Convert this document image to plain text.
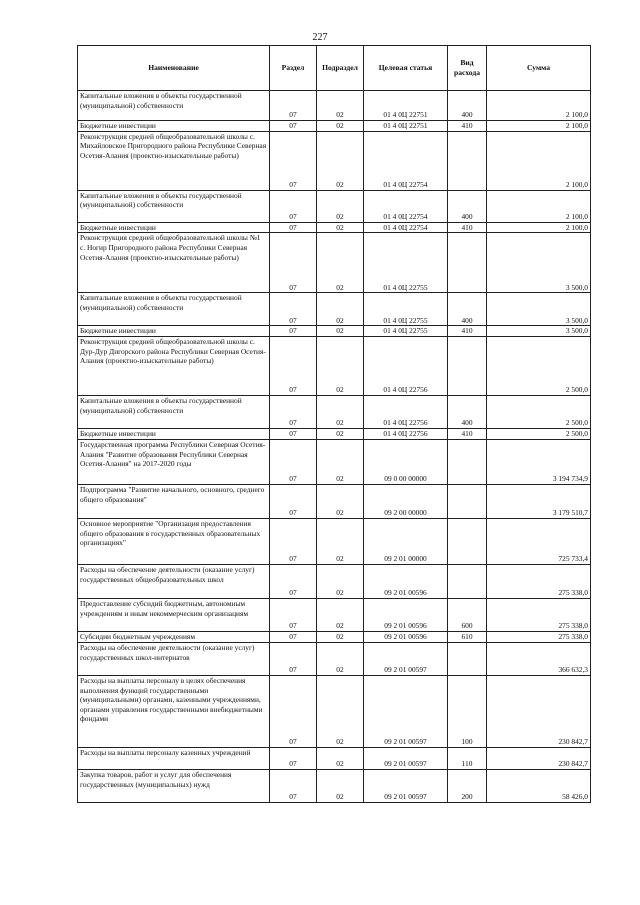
227
Наименование	Раздел	Подраздел	Целевая статья	Вид расхода	Сумма
Капитальные вложения в объекты государственной (муниципальной) собственности	07	02	01 4 0Ц 22751	400	2 100,0
Бюджетные инвестиции	07	02	01 4 0Ц 22751	410	2 100,0
Реконструкция средней общеобразовательной школы с. Михайловское Пригородного района Республики Северная Осетия-Алания (проектно-изыскательные работы)	07	02	01 4 0Ц 22754		2 100,0
Капитальные вложения в объекты государственной (муниципальной) собственности	07	02	01 4 0Ц 22754	400	2 100,0
Бюджетные инвестиции	07	02	01 4 0Ц 22754	410	2 100,0
Реконструкция средней общеобразовательной школы №1 с. Ногир Пригородного района Республики Северная Осетия-Алания (проектно-изыскательные работы)	07	02	01 4 0Ц 22755		3 500,0
Капитальные вложения в объекты государственной (муниципальной) собственности	07	02	01 4 0Ц 22755	400	3 500,0
Бюджетные инвестиции	07	02	01 4 0Ц 22755	410	3 500,0
Реконструкция средней общеобразовательной школы с. Дур-Дур Дигорского района Республики Северная Осетия-Алания (проектно-изыскательные работы)	07	02	01 4 0Ц 22756		2 500,0
Капитальные вложения в объекты государственной (муниципальной) собственности	07	02	01 4 0Ц 22756	400	2 500,0
Бюджетные инвестиции	07	02	01 4 0Ц 22756	410	2 500,0
Государственная программа Республики Северная Осетия-Алания "Развитие образования Республики Северная Осетия-Алания" на 2017-2020 годы	07	02	09 0 00 00000		3 194 734,9
Подпрограмма "Развитие начального, основного, среднего общего образования"	07	02	09 2 00 00000		3 179 510,7
Основное мероприятие "Организация предоставления общего образования в государственных образовательных организациях"	07	02	09 2 01 00000		725 733,4
Расходы на обеспечение деятельности (оказание услуг) государственных общеобразовательных школ	07	02	09 2 01 00596		275 338,0
Предоставление субсидий бюджетным, автономным учреждениям и иным некоммерческим организациям	07	02	09 2 01 00596	600	275 338,0
Субсидии бюджетным учреждениям	07	02	09 2 01 00596	610	275 338,0
Расходы на обеспечение деятельности (оказание услуг) государственных школ-интернатов	07	02	09 2 01 00597		366 632,3
Расходы на выплаты персоналу в целях обеспечения выполнения функций государственными (муниципальными) органами, казенными учреждениями, органами управления государственными внебюджетными фондами	07	02	09 2 01 00597	100	230 842,7
Расходы на выплаты персоналу казенных учреждений	07	02	09 2 01 00597	110	230 842,7
Закупка товаров, работ и услуг для обеспечения государственных (муниципальных) нужд	07	02	09 2 01 00597	200	58 426,0
